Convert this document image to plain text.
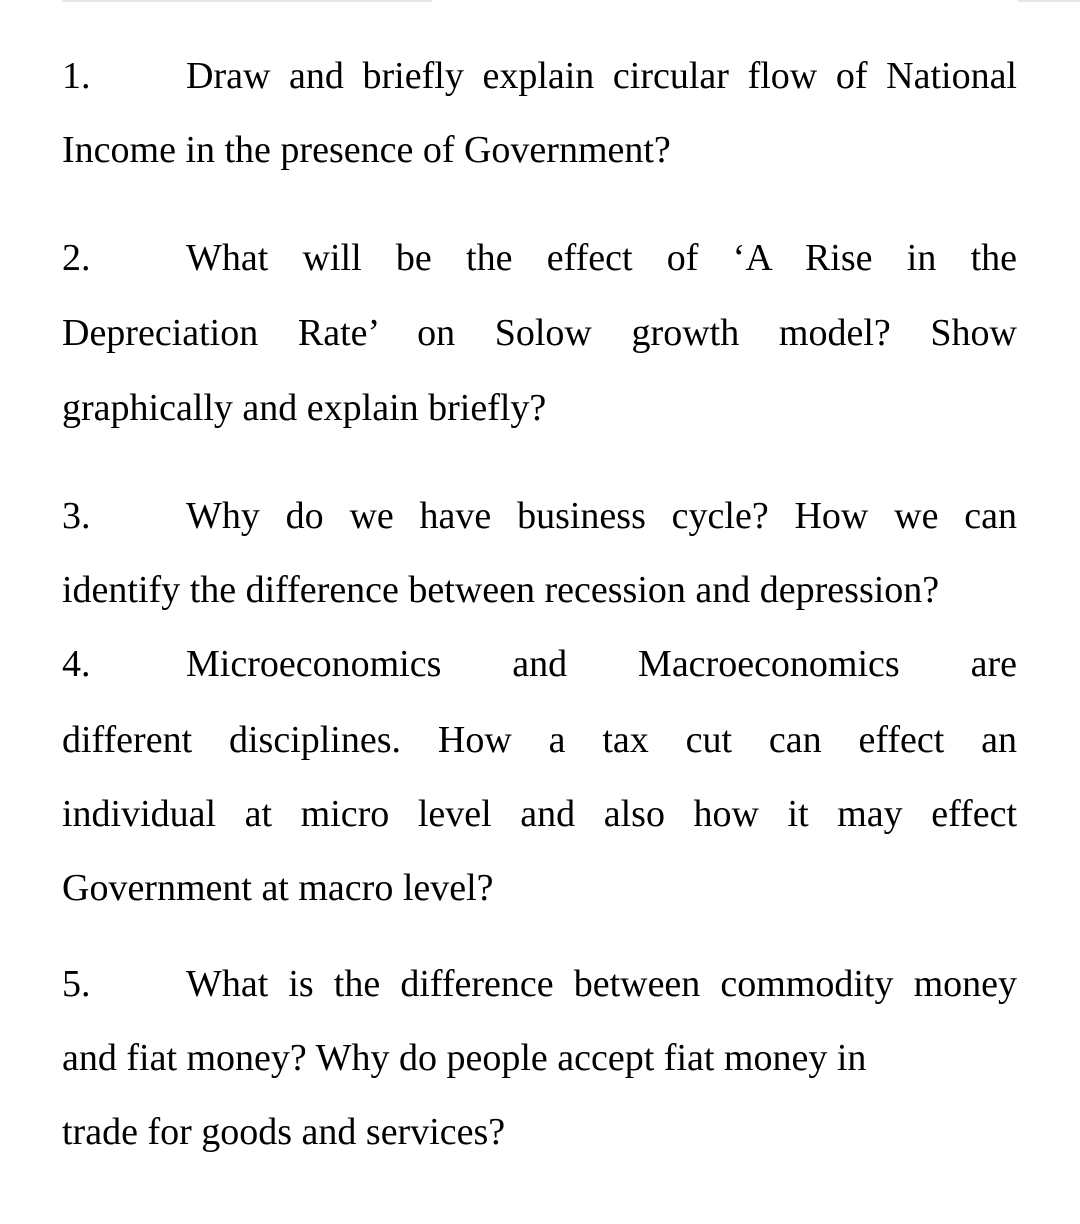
1.	Draw and briefly explain circular flow of National
Income in the presence of Government?
2.	What will be the effect of ‘A Rise in the
Depreciation Rate’ on Solow growth model? Show
graphically and explain briefly?
3.	Why do we have business cycle? How we can
identify the difference between recession and depression?
4.	Microeconomics and Macroeconomics are
different disciplines. How a tax cut can effect an
individual at micro level and also how it may effect
Government at macro level?
5.	What is the difference between commodity money
and fiat money? Why do people accept fiat money in
trade for goods and services?
